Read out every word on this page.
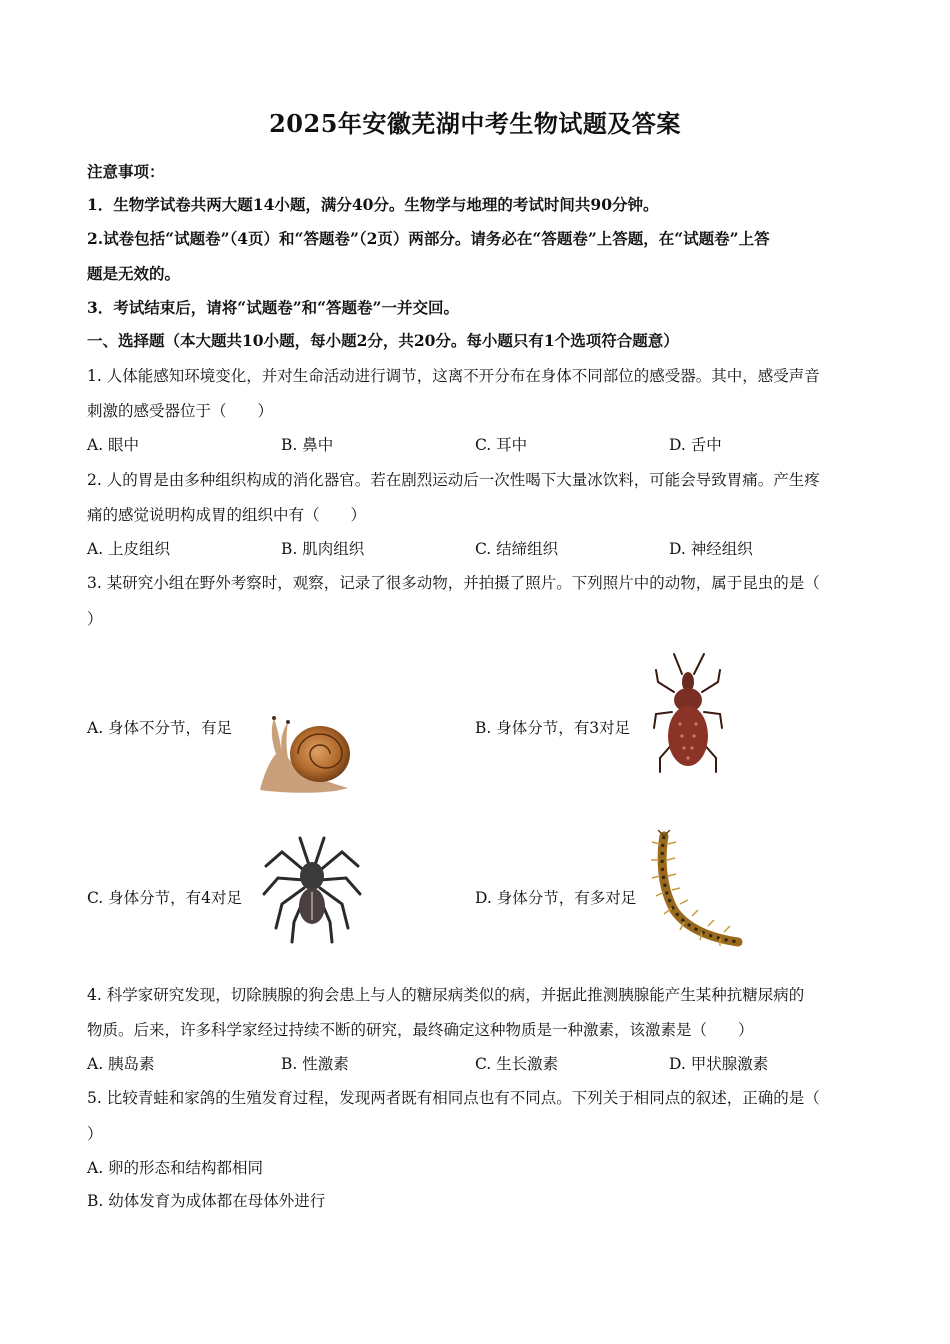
2025年安徽芜湖中考生物试题及答案
注意事项：
1．生物学试卷共两大题14小题，满分40分。生物学与地理的考试时间共90分钟。
2.试卷包括“试题卷”（4页）和“答题卷”（2页）两部分。请务必在“答题卷”上答题，在“试题卷”上答
题是无效的。
3．考试结束后，请将“试题卷”和“答题卷”一并交回。
一、选择题（本大题共10小题，每小题2分，共20分。每小题只有1个选项符合题意）
1. 人体能感知环境变化，并对生命活动进行调节，这离不开分布在身体不同部位的感受器。其中，感受声音
刺激的感受器位于（　　）
A. 眼中	B. 鼻中	C. 耳中	D. 舌中
2. 人的胃是由多种组织构成的消化器官。若在剧烈运动后一次性喝下大量冰饮料，可能会导致胃痛。产生疼
痛的感觉说明构成胃的组织中有（　　）
A. 上皮组织	B. 肌肉组织	C. 结缔组织	D. 神经组织
3. 某研究小组在野外考察时，观察，记录了很多动物，并拍摄了照片。下列照片中的动物，属于昆虫的是（
）
A. 身体不分节，有足	B. 身体分节，有3对足
C. 身体分节，有4对足	D. 身体分节，有多对足
4. 科学家研究发现，切除胰腺的狗会患上与人的糖尿病类似的病，并据此推测胰腺能产生某种抗糖尿病的
物质。后来，许多科学家经过持续不断的研究，最终确定这种物质是一种激素，该激素是（　　）
A. 胰岛素	B. 性激素	C. 生长激素	D. 甲状腺激素
5. 比较青蛙和家鸽的生殖发育过程，发现两者既有相同点也有不同点。下列关于相同点的叙述，正确的是（
）
A. 卵的形态和结构都相同
B. 幼体发育为成体都在母体外进行
